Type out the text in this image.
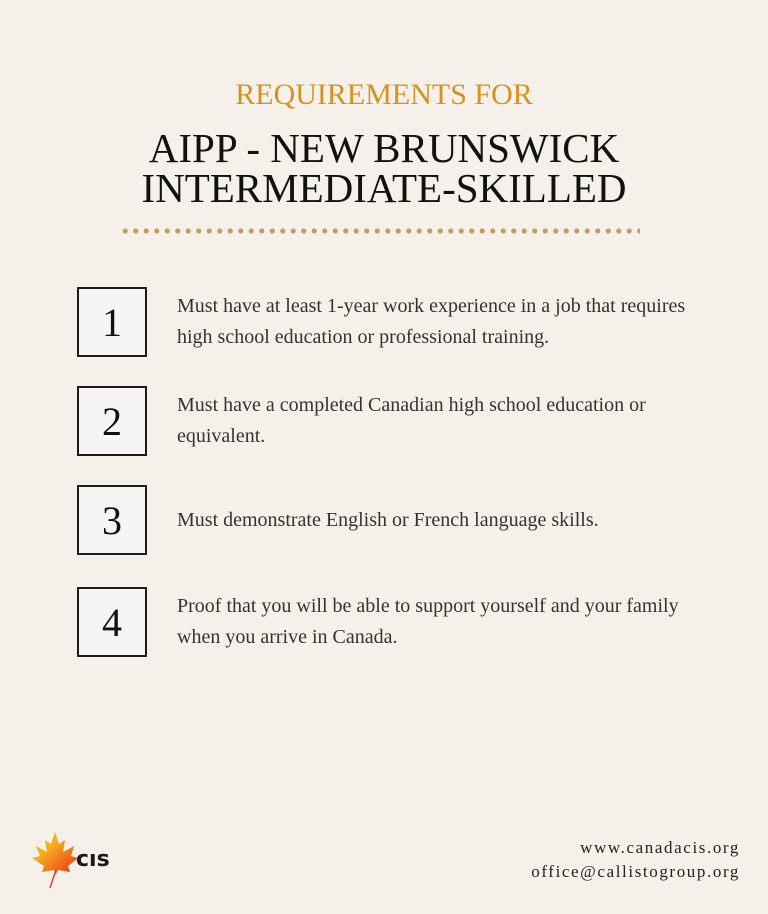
REQUIREMENTS FOR
AIPP - NEW BRUNSWICK
INTERMEDIATE-SKILLED
1	Must have at least 1-year work experience in a job that requires high school education or professional training.
2	Must have a completed Canadian high school education or equivalent.
3	Must demonstrate English or French language skills.
4	Proof that you will be able to support yourself and your family when you arrive in Canada.
cıs	www.canadacis.org
office@callistogroup.org
